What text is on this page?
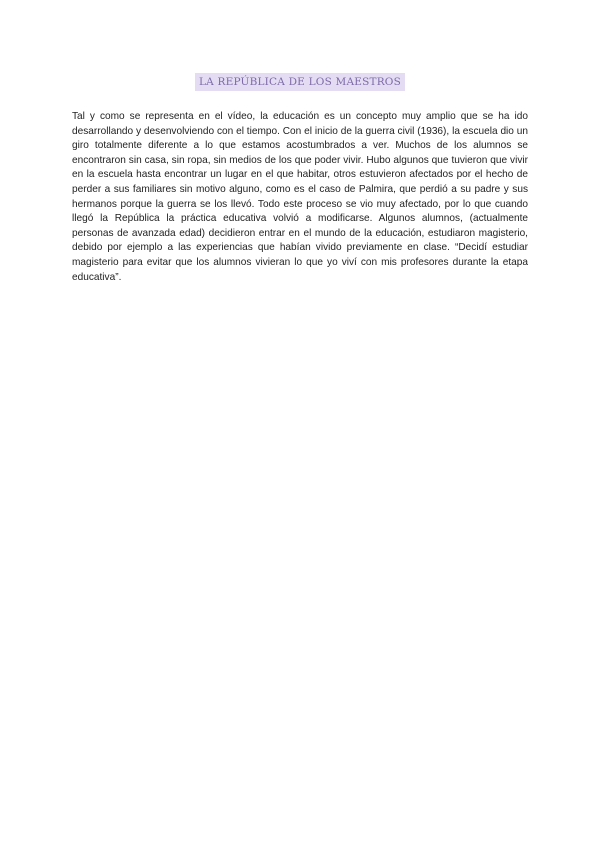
LA REPÚBLICA DE LOS MAESTROS

Tal y como se representa en el vídeo, la educación es un concepto muy amplio que se ha ido desarrollando y desenvolviendo con el tiempo. Con el inicio de la guerra civil (1936), la escuela dio un giro totalmente diferente a lo que estamos acostumbrados a ver. Muchos de los alumnos se encontraron sin casa, sin ropa, sin medios de los que poder vivir. Hubo algunos que tuvieron que vivir en la escuela hasta encontrar un lugar en el que habitar, otros estuvieron afectados por el hecho de perder a sus familiares sin motivo alguno, como es el caso de Palmira, que perdió a su padre y sus hermanos porque la guerra se los llevó. Todo este proceso se vio muy afectado, por lo que cuando llegó la República la práctica educativa volvió a modificarse. Algunos alumnos, (actualmente personas de avanzada edad) decidieron entrar en el mundo de la educación, estudiaron magisterio, debido por ejemplo a las experiencias que habían vivido previamente en clase. “Decidí estudiar magisterio para evitar que los alumnos vivieran lo que yo viví con mis profesores durante la etapa educativa”.
